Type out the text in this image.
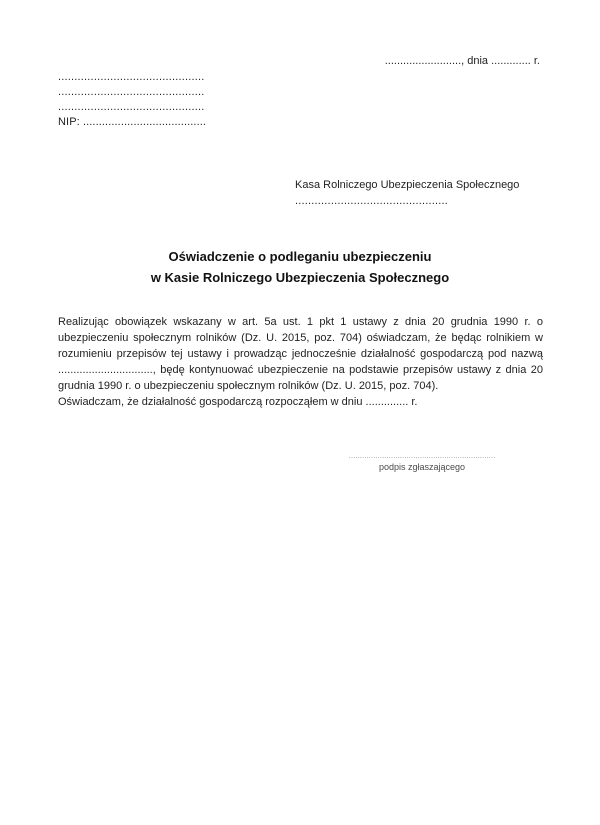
........................., dnia ............. r.
.............................................
.............................................
.............................................
NIP: .......................................
Kasa Rolniczego Ubezpieczenia Społecznego
...............................................
Oświadczenie o podleganiu ubezpieczeniu
w Kasie Rolniczego Ubezpieczenia Społecznego

Realizując obowiązek wskazany w art. 5a ust. 1 pkt 1 ustawy z dnia 20 grudnia 1990 r. o ubezpieczeniu społecznym rolników (Dz. U. 2015, poz. 704) oświadczam, że będąc rolnikiem w rozumieniu przepisów tej ustawy i prowadząc jednocześnie działalność gospodarczą pod nazwą ..............................., będę kontynuować ubezpieczenie na podstawie przepisów ustawy z dnia 20 grudnia 1990 r. o ubezpieczeniu społecznym rolników (Dz. U. 2015, poz. 704).

Oświadczam, że działalność gospodarczą rozpocząłem w dniu .............. r.

..................................................................
podpis zgłaszającego
